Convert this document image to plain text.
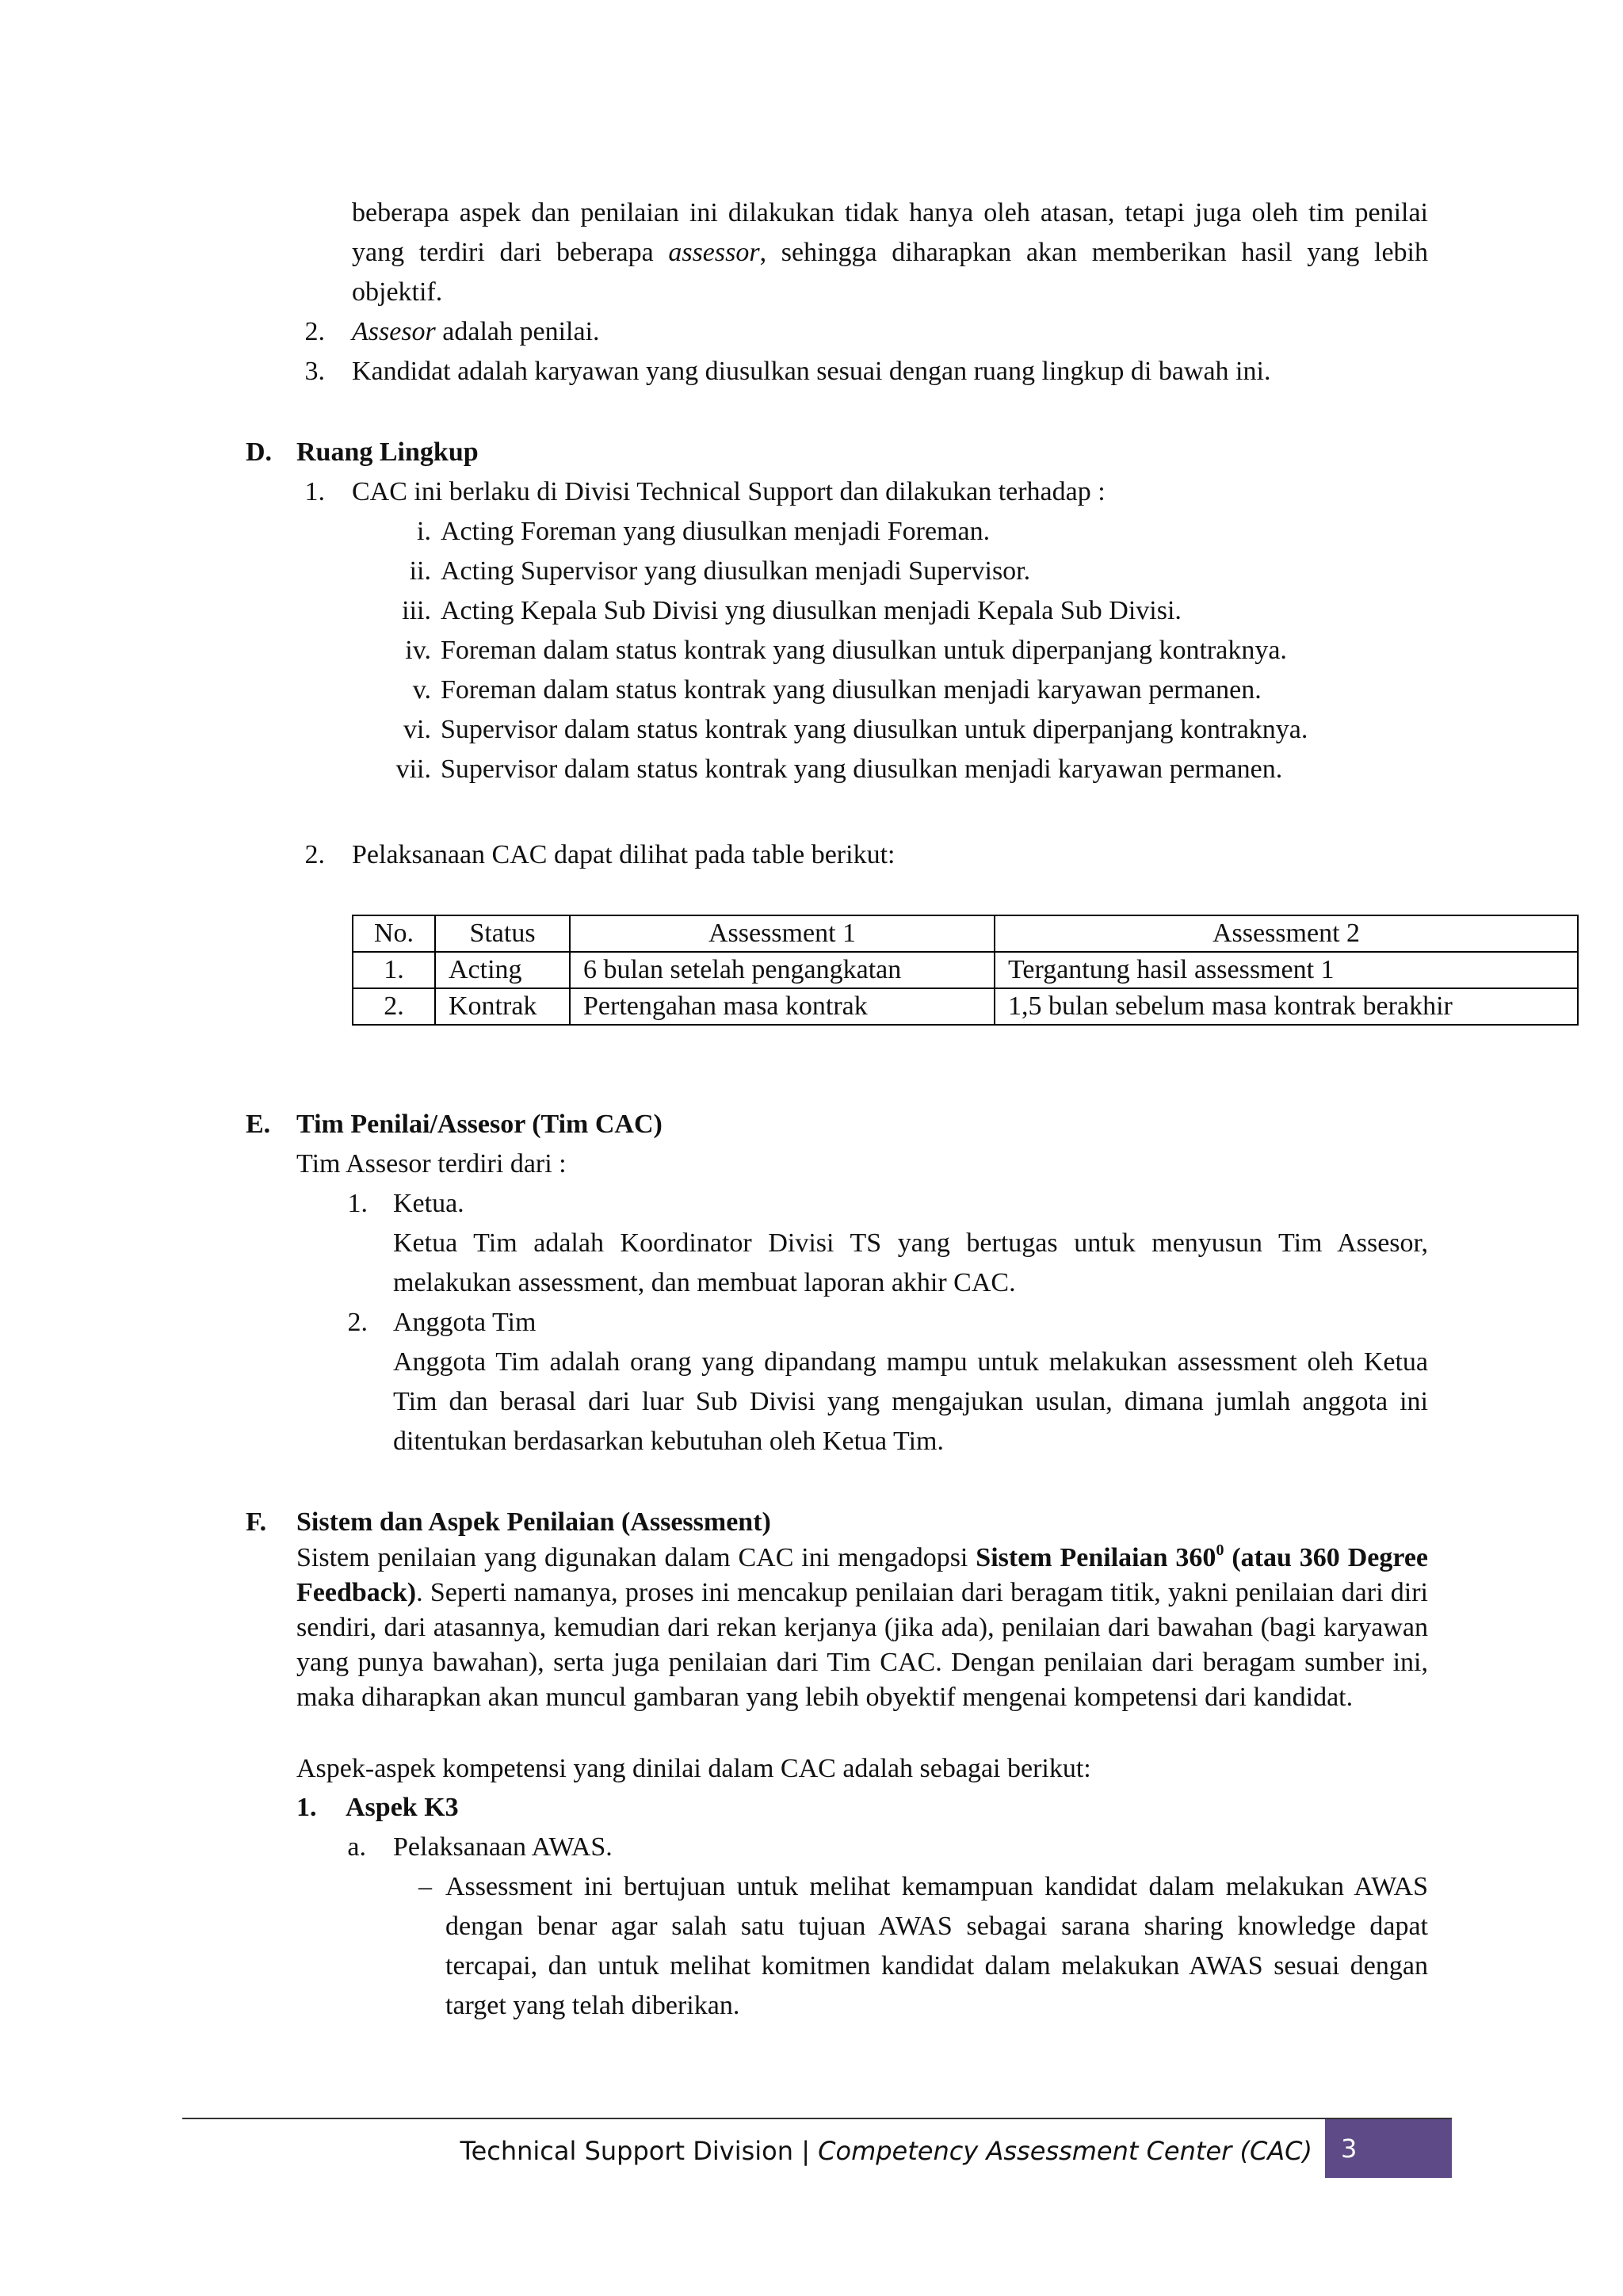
beberapa aspek dan penilaian ini dilakukan tidak hanya oleh atasan, tetapi juga oleh tim penilai yang terdiri dari beberapa assessor, sehingga diharapkan akan memberikan hasil yang lebih objektif.

2. Assesor adalah penilai.
3. Kandidat adalah karyawan yang diusulkan sesuai dengan ruang lingkup di bawah ini.
D. Ruang Lingkup
1. CAC ini berlaku di Divisi Technical Support dan dilakukan terhadap :
i. Acting Foreman yang diusulkan menjadi Foreman.
ii. Acting Supervisor yang diusulkan menjadi Supervisor.
iii. Acting Kepala Sub Divisi yng diusulkan menjadi Kepala Sub Divisi.
iv. Foreman dalam status kontrak yang diusulkan untuk diperpanjang kontraknya.
v. Foreman dalam status kontrak yang diusulkan menjadi karyawan permanen.
vi. Supervisor dalam status kontrak yang diusulkan untuk diperpanjang kontraknya.
vii. Supervisor dalam status kontrak yang diusulkan menjadi karyawan permanen.
2. Pelaksanaan CAC dapat dilihat pada table berikut:
No.	Status	Assessment 1	Assessment 2
1.	Acting	6 bulan setelah pengangkatan	Tergantung hasil assessment 1
2.	Kontrak	Pertengahan masa kontrak	1,5 bulan sebelum masa kontrak berakhir
E. Tim Penilai/Assesor (Tim CAC)

Tim Assesor terdiri dari :

1. Ketua.

Ketua Tim adalah Koordinator Divisi TS yang bertugas untuk menyusun Tim Assesor, melakukan assessment, dan membuat laporan akhir CAC.

2. Anggota Tim

Anggota Tim adalah orang yang dipandang mampu untuk melakukan assessment oleh Ketua Tim dan berasal dari luar Sub Divisi yang mengajukan usulan, dimana jumlah anggota ini ditentukan berdasarkan kebutuhan oleh Ketua Tim.

F. Sistem dan Aspek Penilaian (Assessment)

Sistem penilaian yang digunakan dalam CAC ini mengadopsi Sistem Penilaian $360^0$ (atau 360 Degree Feedback). Seperti namanya, proses ini mencakup penilaian dari beragam titik, yakni penilaian dari diri sendiri, dari atasannya, kemudian dari rekan kerjanya (jika ada), penilaian dari bawahan (bagi karyawan yang punya bawahan), serta juga penilaian dari Tim CAC. Dengan penilaian dari beragam sumber ini, maka diharapkan akan muncul gambaran yang lebih obyektif mengenai kompetensi dari kandidat.

Aspek-aspek kompetensi yang dinilai dalam CAC adalah sebagai berikut:

1. Aspek K3
a. Pelaksanaan AWAS.
– Assessment ini bertujuan untuk melihat kemampuan kandidat dalam melakukan AWAS dengan benar agar salah satu tujuan AWAS sebagai sarana sharing knowledge dapat tercapai, dan untuk melihat komitmen kandidat dalam melakukan AWAS sesuai dengan target yang telah diberikan.

Technical Support Division | Competency Assessment Center (CAC)	3
